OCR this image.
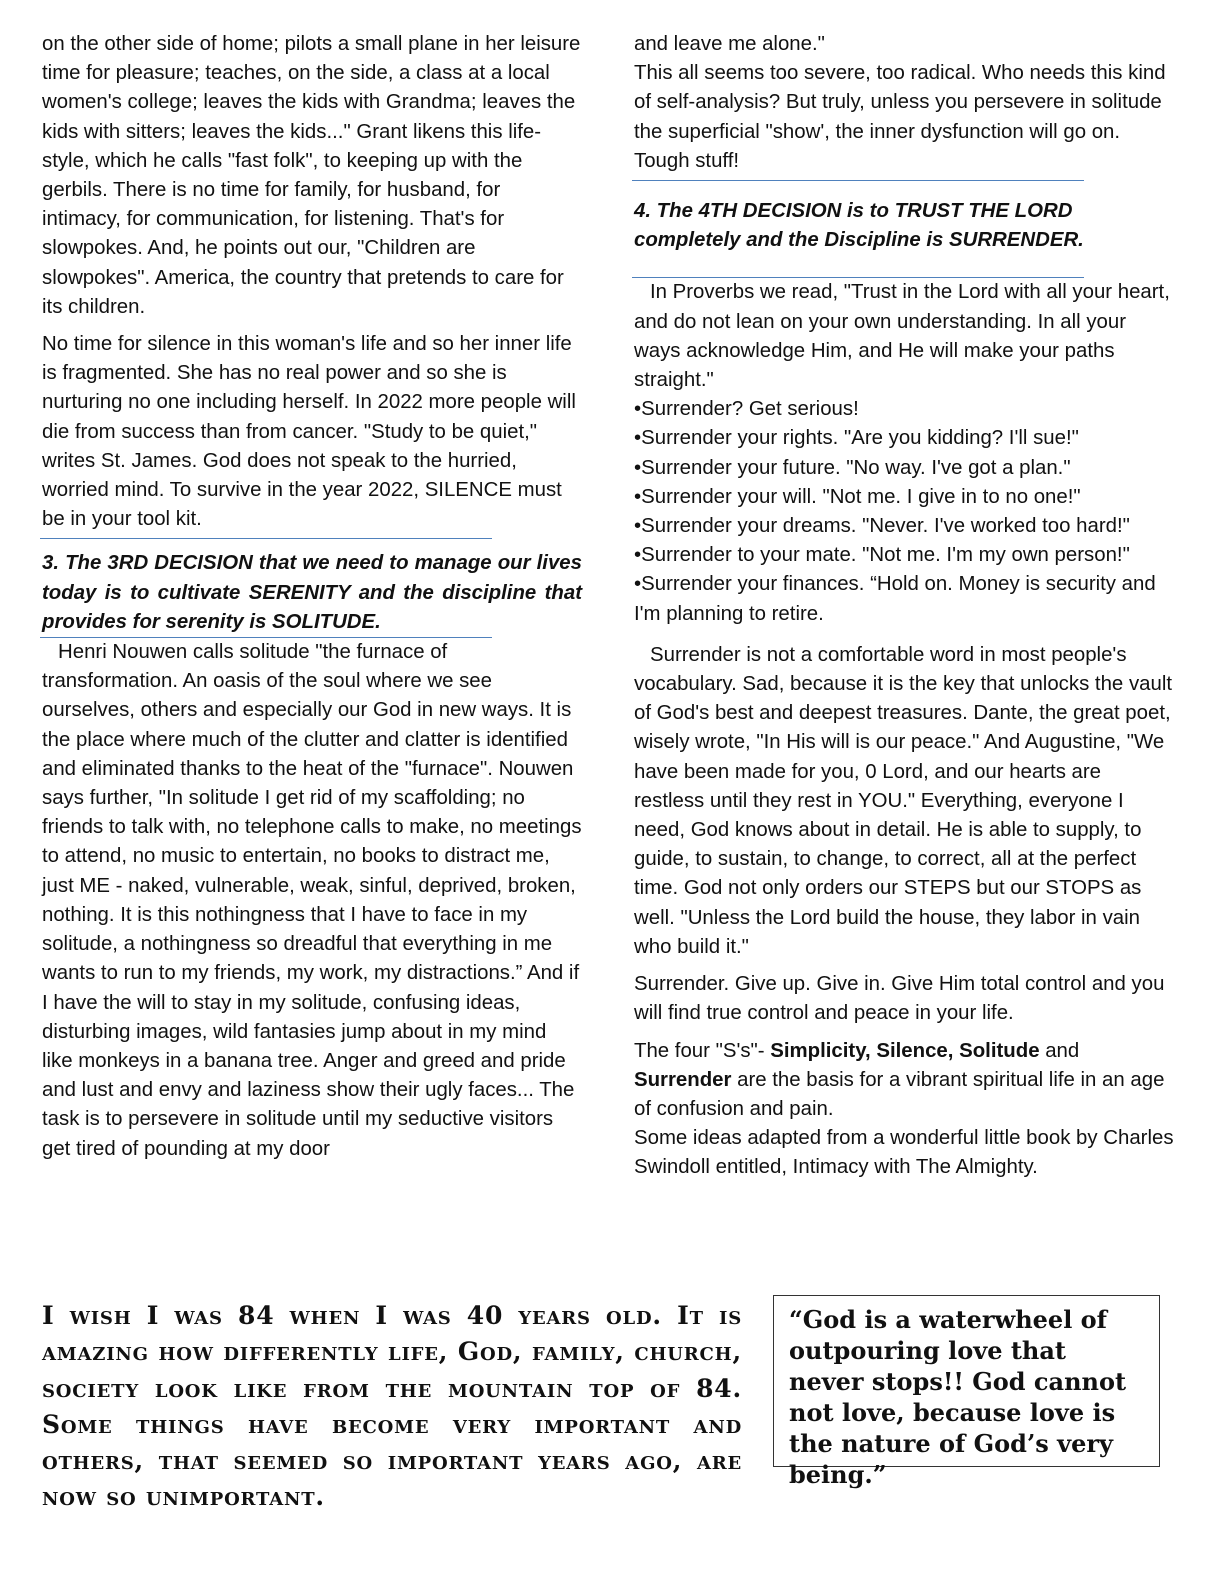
on the other side of home; pilots a small plane in her leisure time for pleasure; teaches, on the side, a class at a local women's college; leaves the kids with Grandma; leaves the kids with sitters; leaves the kids..." Grant likens this life-style, which he calls "fast folk", to keeping up with the gerbils. There is no time for family, for husband, for intimacy, for communication, for listening. That's for slowpokes. And, he points out our, "Children are slowpokes". America, the country that pretends to care for its children.

No time for silence in this woman's life and so her inner life is fragmented. She has no real power and so she is nurturing no one including herself. In 2022 more people will die from success than from cancer. "Study to be quiet," writes St. James. God does not speak to the hurried, worried mind. To survive in the year 2022, SILENCE must be in your tool kit.

3. The 3RD DECISION that we need to manage our lives today is to cultivate SERENITY and the discipline that provides for serenity is SOLITUDE.

Henri Nouwen calls solitude "the furnace of transformation. An oasis of the soul where we see ourselves, others and especially our God in new ways. It is the place where much of the clutter and clatter is identified and eliminated thanks to the heat of the "furnace". Nouwen says further, "In solitude I get rid of my scaffolding; no friends to talk with, no telephone calls to make, no meetings to attend, no music to entertain, no books to distract me, just ME - naked, vulnerable, weak, sinful, deprived, broken, nothing. It is this nothingness that I have to face in my solitude, a nothingness so dreadful that everything in me wants to run to my friends, my work, my distractions.” And if I have the will to stay in my solitude, confusing ideas, disturbing images, wild fantasies jump about in my mind like monkeys in a banana tree. Anger and greed and pride and lust and envy and laziness show their ugly faces... The task is to persevere in solitude until my seductive visitors get tired of pounding at my door

and leave me alone."

This all seems too severe, too radical. Who needs this kind of self-analysis? But truly, unless you persevere in solitude the superficial "show', the inner dysfunction will go on. Tough stuff!

4. The 4TH DECISION is to TRUST THE LORD completely and the Discipline is SURRENDER.

In Proverbs we read, "Trust in the Lord with all your heart, and do not lean on your own understanding. In all your ways acknowledge Him, and He will make your paths straight."

• Surrender? Get serious!
• Surrender your rights. "Are you kidding? I'll sue!"
• Surrender your future. "No way. I've got a plan."
• Surrender your will. "Not me. I give in to no one!"
• Surrender your dreams. "Never. I've worked too hard!"
• Surrender to your mate. "Not me. I'm my own person!"
• Surrender your finances. “Hold on. Money is security and I'm planning to retire.

Surrender is not a comfortable word in most people's vocabulary. Sad, because it is the key that unlocks the vault of God's best and deepest treasures. Dante, the great poet, wisely wrote, "In His will is our peace." And Augustine, "We have been made for you, 0 Lord, and our hearts are restless until they rest in YOU." Everything, everyone I need, God knows about in detail. He is able to supply, to guide, to sustain, to change, to correct, all at the perfect time. God not only orders our STEPS but our STOPS as well. "Unless the Lord build the house, they labor in vain who build it."

Surrender. Give up. Give in. Give Him total control and you will find true control and peace in your life.

The four "S's"- Simplicity, Silence, Solitude and Surrender are the basis for a vibrant spiritual life in an age of confusion and pain.

Some ideas adapted from a wonderful little book by Charles Swindoll entitled, Intimacy with The Almighty.

I wish I was 84 when I was 40 years old. It is amazing how differently life, God, family, church, society look like from the mountain top of 84. Some things have become very important and others, that seemed so important years ago, are now so unimportant.

“God is a waterwheel of outpouring love that never stops!! God cannot not love, because love is the nature of God’s very being.”
